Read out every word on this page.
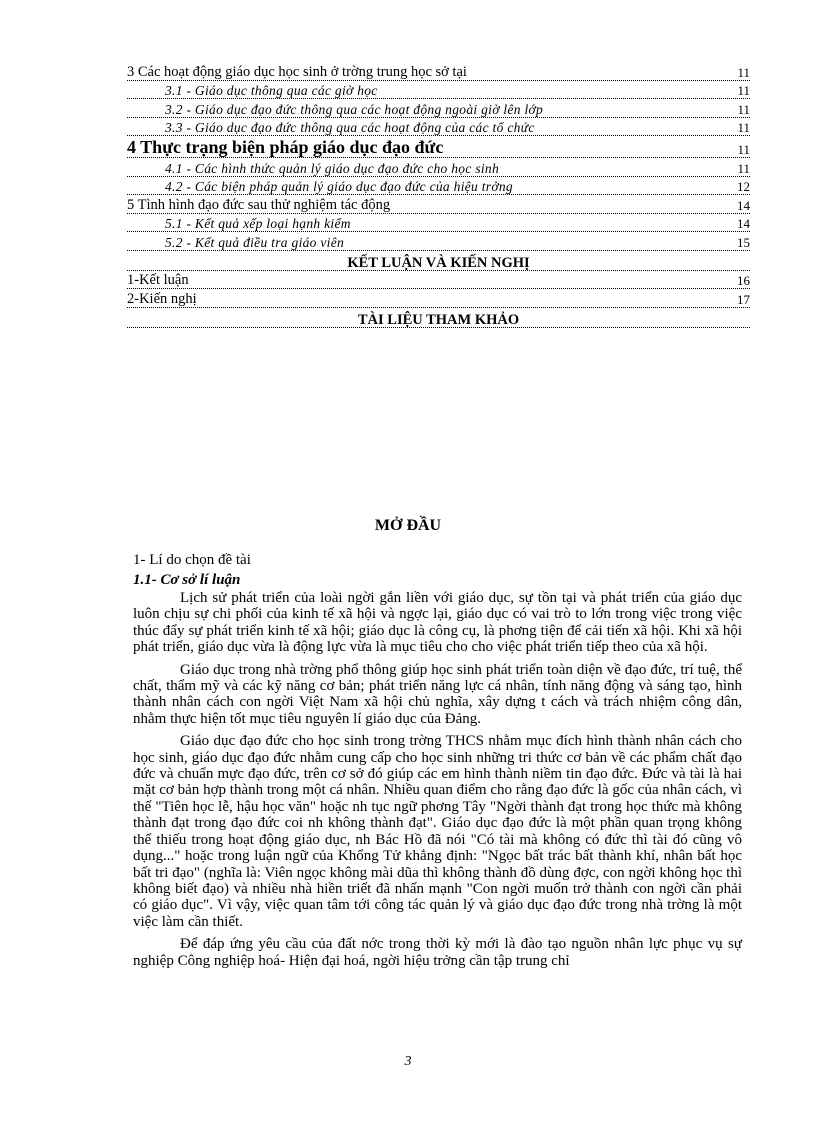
3 Các hoạt động giáo dục học sinh ở trờng trung học sở tại	11
3.1 - Giáo dục thông qua các giờ học	11
3.2 - Giáo dục đạo đức thông qua các hoạt động ngoài giờ lên lớp	11
3.3 - Giáo dục đạo đức thông qua các hoạt động của các tổ chức	11
4 Thực trạng biện pháp giáo dục đạo đức	11
4.1 - Các hình thức quản lý giáo dục đạo đức cho học sinh	11
4.2 - Các biện pháp quản lý giáo dục đạo đức của hiệu trởng	12
5 Tình hình đạo đức sau thử nghiệm tác động	14
5.1 - Kết quả xếp loại hạnh kiểm	14
5.2 - Kết quả điều tra giáo viên	15
KẾT LUẬN VÀ KIẾN NGHỊ
1-Kết luận	16
2-Kiến nghị	17
TÀI LIỆU THAM KHẢO
MỞ ĐẦU
1- Lí do chọn đề tài
1.1- Cơ sở lí luận

Lịch sử phát triển của loài ngời gắn liền với giáo dục, sự tồn tại và phát triển của giáo dục luôn chịu sự chi phối của kinh tế xã hội và ngợc lại, giáo dục có vai trò to lớn trong việc trong việc thúc đẩy sự phát triển kinh tế xã hội; giáo dục là công cụ, là phơng tiện để cải tiến xã hội. Khi xã hội phát triển, giáo dục vừa là động lực vừa là mục tiêu cho cho việc phát triển tiếp theo của xã hội.

Giáo dục trong nhà trờng phổ thông giúp học sinh phát triển toàn diện về đạo đức, trí tuệ, thể chất, thẩm mỹ và các kỹ năng cơ bản; phát triển năng lực cá nhân, tính năng động và sáng tạo, hình thành nhân cách con ngời Việt Nam xã hội chủ nghĩa, xây dựng t cách và trách nhiệm công dân, nhằm thực hiện tốt mục tiêu nguyên lí giáo dục của Đảng.

Giáo dục đạo đức cho học sinh trong trờng THCS nhằm mục đích hình thành nhân cách cho học sinh, giáo dục đạo đức nhằm cung cấp cho học sinh những tri thức cơ bản về các phẩm chất đạo đức và chuẩn mực đạo đức, trên cơ sở đó giúp các em hình thành niềm tin đạo đức. Đức và tài là hai mặt cơ bản hợp thành trong một cá nhân. Nhiều quan điểm cho rằng đạo đức là gốc của nhân cách, vì thế "Tiên học lễ, hậu học văn" hoặc nh tục ngữ phơng Tây "Ngời thành đạt trong học thức mà không thành đạt trong đạo đức coi nh không thành đạt". Giáo dục đạo đức là một phần quan trọng không thể thiếu trong hoạt động giáo dục, nh Bác Hồ đã nói "Có tài mà không có đức thì tài đó cũng vô dụng..." hoặc trong luận ngữ của Khổng Tử khẳng định: "Ngọc bất trác bất thành khí, nhân bất học bất tri đạo" (nghĩa là: Viên ngọc không mài dũa thì không thành đồ dùng đợc, con ngời không học thì không biết đạo) và nhiều nhà hiền triết đã nhấn mạnh "Con ngời muốn trở thành con ngời cần phải có giáo dục". Vì vậy, việc quan tâm tới công tác quản lý và giáo dục đạo đức trong nhà trờng là một việc làm cần thiết.

Để đáp ứng yêu cầu của đất nớc trong thời kỳ mới là đào tạo nguồn nhân lực phục vụ sự nghiệp Công nghiệp hoá- Hiện đại hoá, ngời hiệu trởng cần tập trung chỉ

3
